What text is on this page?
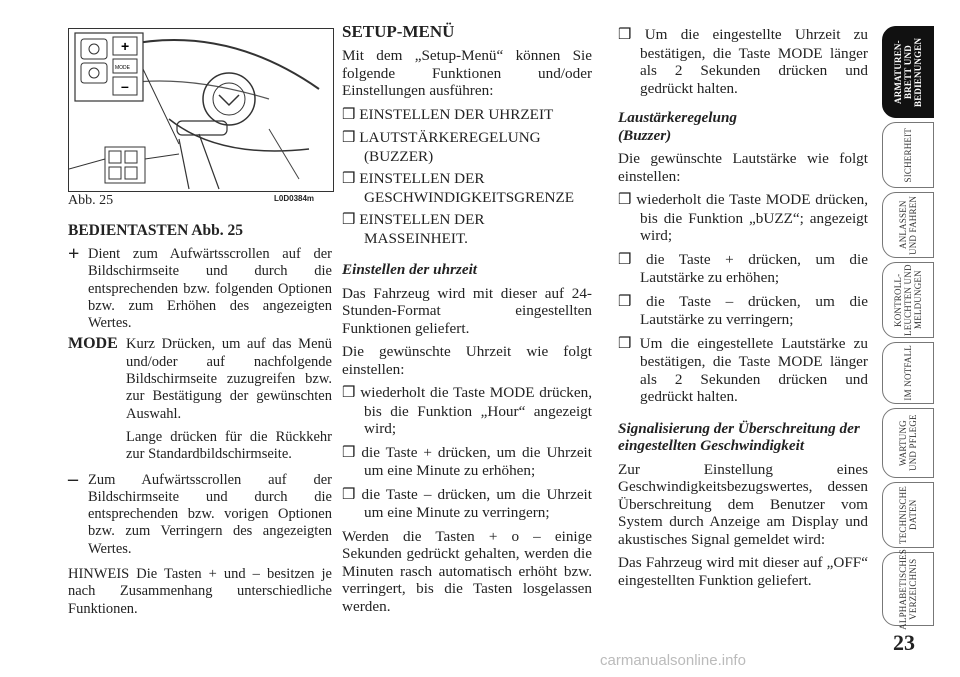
+
MODE
–
Abb. 25	L0D0384m

BEDIENTASTEN Abb. 25

+ Dient zum Aufwärtsscrollen auf der Bildschirmseite und durch die entsprechenden bzw. folgenden Optionen bzw. zum Erhöhen des angezeigten Wertes.

MODE Kurz Drücken, um auf das Menü und/oder auf nachfolgende Bildschirmseite zuzugreifen bzw. zur Bestätigung der gewünschten Auswahl.

Lange drücken für die Rückkehr zur Standardbildschirmseite.

– Zum Aufwärtsscrollen auf der Bildschirmseite und durch die entsprechenden bzw. vorigen Optionen bzw. zum Verringern des angezeigten Wertes.

HINWEIS Die Tasten + und – besitzen je nach Zusammenhang unterschiedliche Funktionen.

SETUP-MENÜ

Mit dem „Setup-Menü“ können Sie folgende Funktionen und/oder Einstellungen ausführen:

❒ EINSTELLEN DER UHRZEIT
❒ LAUTSTÄRKEREGELUNG (BUZZER)
❒ EINSTELLEN DER GESCHWINDIGKEITSGRENZE
❒ EINSTELLEN DER MASSEINHEIT.

Einstellen der uhrzeit

Das Fahrzeug wird mit dieser auf 24-Stunden-Format eingestellten Funktionen geliefert.

Die gewünschte Uhrzeit wie folgt einstellen:

❒ wiederholt die Taste MODE drücken, bis die Funktion „Hour“ angezeigt wird;
❒ die Taste + drücken, um die Uhrzeit um eine Minute zu erhöhen;
❒ die Taste – drücken, um die Uhrzeit um eine Minute zu verringern;

Werden die Tasten + o – einige Sekunden gedrückt gehalten, werden die Minuten rasch automatisch erhöht bzw. verringert, bis die Tasten losgelassen werden.

❒ Um die eingestellte Uhrzeit zu bestätigen, die Taste MODE länger als 2 Sekunden drücken und gedrückt halten.

Laustärkeregelung (Buzzer)

Die gewünschte Lautstärke wie folgt einstellen:

❒ wiederholt die Taste MODE drücken, bis die Funktion „bUZZ“; angezeigt wird;
❒ die Taste + drücken, um die Lautstärke zu erhöhen;
❒ die Taste – drücken, um die Lautstärke zu verringern;
❒ Um die eingestellete Lautstärke zu bestätigen, die Taste MODE länger als 2 Sekunden drücken und gedrückt halten.

Signalisierung der Überschreitung der eingestellten Geschwindigkeit

Zur Einstellung eines Geschwindigkeitsbezugswertes, dessen Überschreitung dem Benutzer vom System durch Anzeige am Display und akustisches Signal gemeldet wird:

Das Fahrzeug wird mit dieser auf „OFF“ eingestellten Funktion geliefert.

ARMATUREN-BRETT UND BEDIENUNGEN
SICHERHEIT
ANLASSEN UND FAHREN
KONTROLL-LEUCHTEN UND MELDUNGEN
IM NOTFALL
WARTUNG UND PFLEGE
TECHNISCHE DATEN
ALPHABETISCHES VERZEICHNIS
23
carmanualsonline.info
